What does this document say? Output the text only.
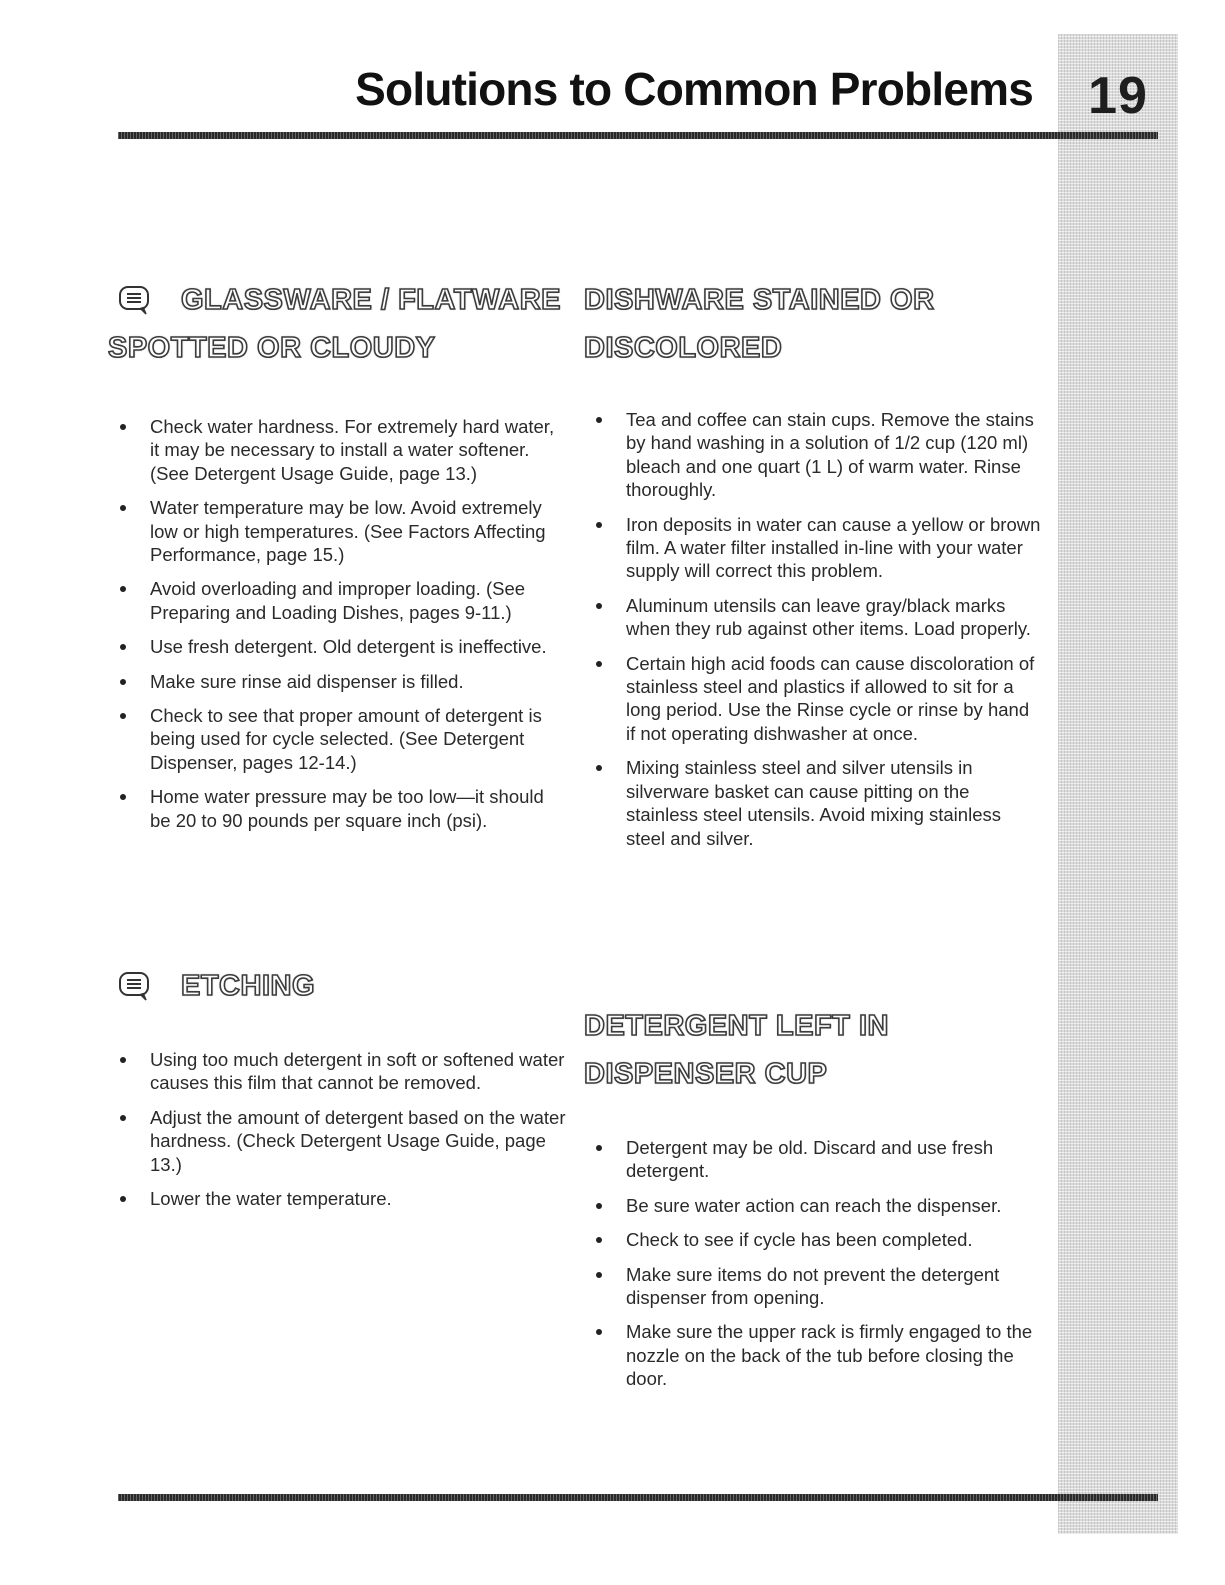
19
Solutions to Common Problems
GLASSWARE / FLATWARE
SPOTTED OR CLOUDY
Check water hardness. For extremely hard water, it may be necessary to install a water softener. (See Detergent Usage Guide, page 13.)
Water temperature may be low. Avoid extremely low or high temperatures. (See Factors Affecting Performance, page 15.)
Avoid overloading and improper loading. (See Preparing and Loading Dishes, pages 9-11.)
Use fresh detergent. Old detergent is ineffective.
Make sure rinse aid dispenser is filled.
Check to see that proper amount of detergent is being used for cycle selected. (See Detergent Dispenser, pages 12-14.)
Home water pressure may be too low—it should be 20 to 90 pounds per square inch (psi).
DISHWARE STAINED OR
DISCOLORED
Tea and coffee can stain cups. Remove the stains by hand washing in a solution of 1/2 cup (120 ml) bleach and one quart (1 L) of warm water. Rinse thoroughly.
Iron deposits in water can cause a yellow or brown film. A water filter installed in-line with your water supply will correct this problem.
Aluminum utensils can leave gray/black marks when they rub against other items. Load properly.
Certain high acid foods can cause discoloration of stainless steel and plastics if allowed to sit for a long period. Use the Rinse cycle or rinse by hand if not operating dishwasher at once.
Mixing stainless steel and silver utensils in silverware basket can cause pitting on the stainless steel utensils. Avoid mixing stainless steel and silver.
ETCHING
Using too much detergent in soft or softened water causes this film that cannot be removed.
Adjust the amount of detergent based on the water hardness. (Check Detergent Usage Guide, page 13.)
Lower the water temperature.
DETERGENT LEFT IN
DISPENSER CUP
Detergent may be old. Discard and use fresh detergent.
Be sure water action can reach the dispenser.
Check to see if cycle has been completed.
Make sure items do not prevent the detergent dispenser from opening.
Make sure the upper rack is firmly engaged to the nozzle on the back of the tub before closing the door.
